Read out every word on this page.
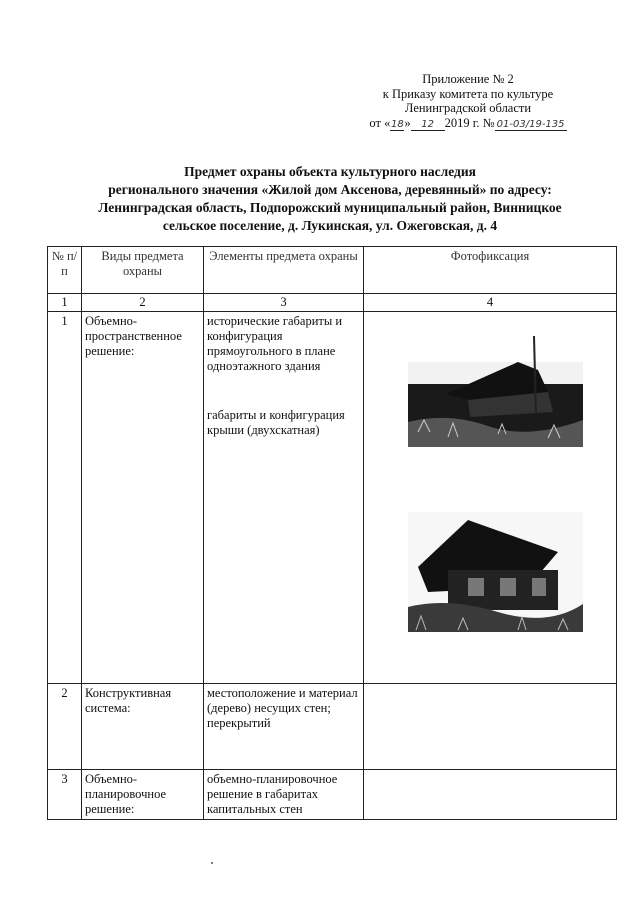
Приложение № 2
к Приказу комитета по культуре
Ленинградской области
от «18» 12 2019 г. № 01-03/19-135
Предмет охраны объекта культурного наследия
регионального значения «Жилой дом Аксенова, деревянный» по адресу:
Ленинградская область, Подпорожский муниципальный район, Винницкое
сельское поселение, д. Лукинская, ул. Ожеговская, д. 4
№ п/п	Виды предмета охраны	Элементы предмета охраны	Фотофиксация
1	2	3	4
1	Объемно-пространственное решение:	исторические габариты и конфигурация прямоугольного в плане одноэтажного здания
габариты и конфигурация крыши (двухскатная)

2	Конструктивная система:	местоположение и материал (дерево) несущих стен; перекрытий	
3	Объемно-планировочное решение:	объемно-планировочное решение в габаритах капитальных стен	
